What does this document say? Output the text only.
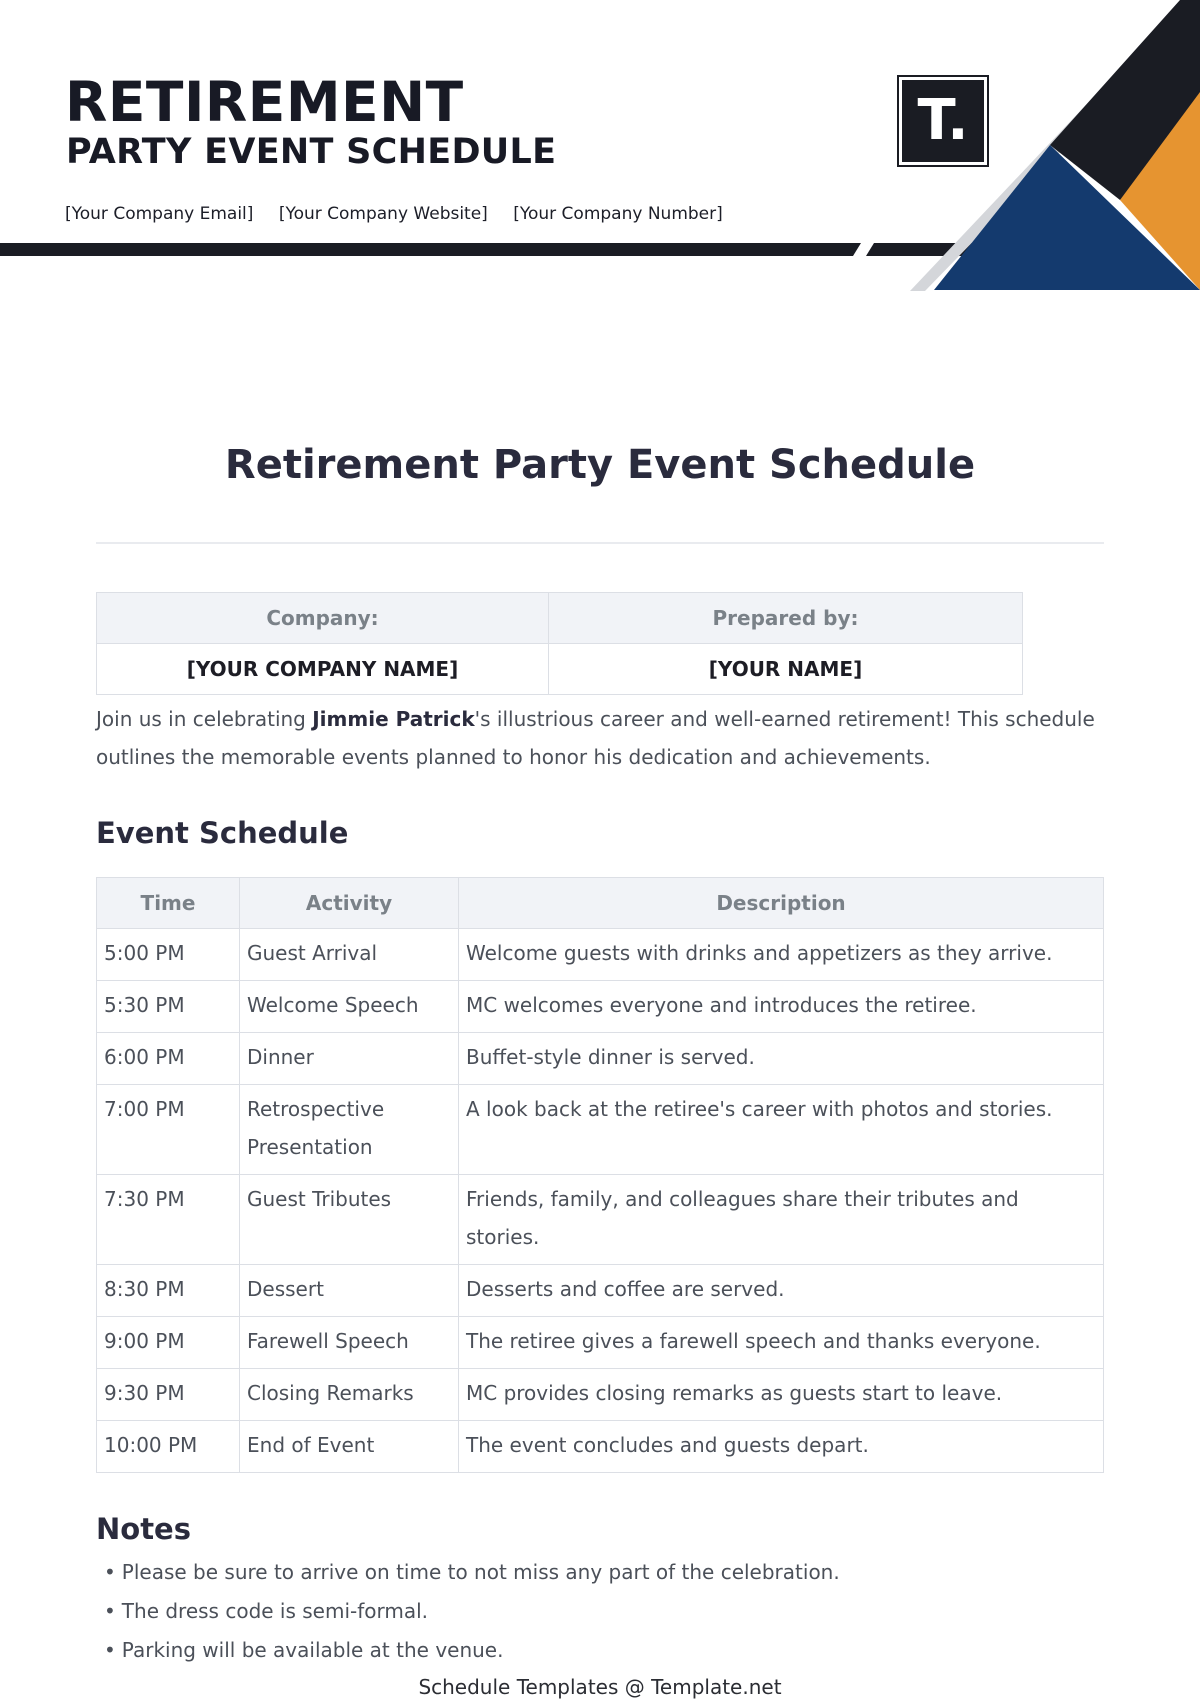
RETIREMENT
PARTY EVENT SCHEDULE
[Your Company Email] [Your Company Website] [Your Company Number]
T.
Retirement Party Event Schedule
Company:	Prepared by:
[YOUR COMPANY NAME]	[YOUR NAME]

Join us in celebrating Jimmie Patrick's illustrious career and well-earned retirement! This schedule outlines the memorable events planned to honor his dedication and achievements.

Event Schedule
Time	Activity	Description
5:00 PM	Guest Arrival	Welcome guests with drinks and appetizers as they arrive.
5:30 PM	Welcome Speech	MC welcomes everyone and introduces the retiree.
6:00 PM	Dinner	Buffet-style dinner is served.
7:00 PM	Retrospective Presentation	A look back at the retiree's career with photos and stories.
7:30 PM	Guest Tributes	Friends, family, and colleagues share their tributes and stories.
8:30 PM	Dessert	Desserts and coffee are served.
9:00 PM	Farewell Speech	The retiree gives a farewell speech and thanks everyone.
9:30 PM	Closing Remarks	MC provides closing remarks as guests start to leave.
10:00 PM	End of Event	The event concludes and guests depart.
Notes
• Please be sure to arrive on time to not miss any part of the celebration.
• The dress code is semi-formal.
• Parking will be available at the venue.
Schedule Templates @ Template.net
